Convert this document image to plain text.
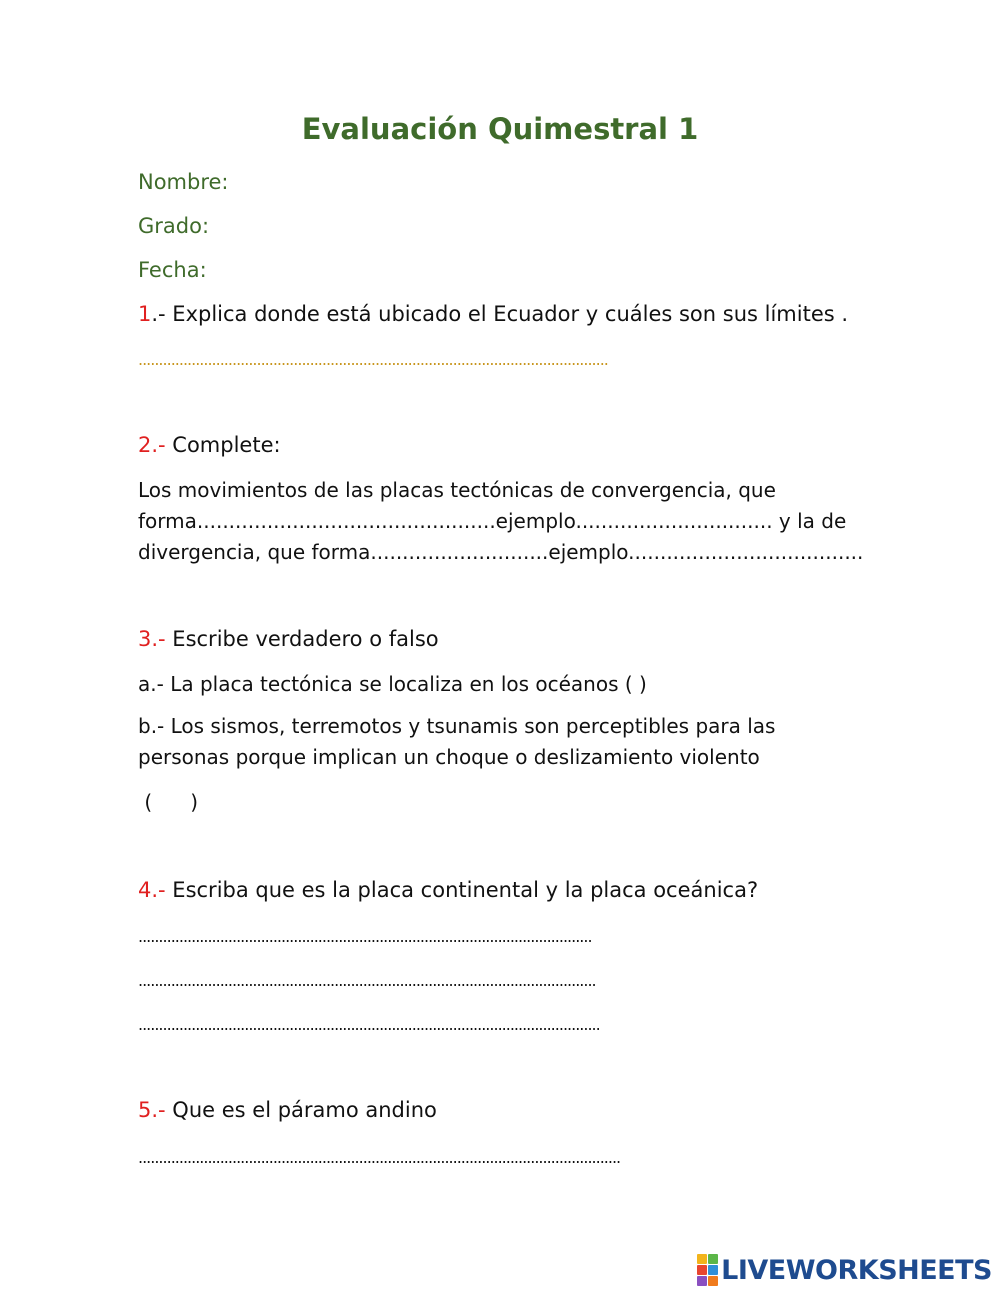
Evaluación Quimestral 1
Nombre:
Grado:
Fecha:
1.- Explica donde está ubicado el Ecuador y cuáles son sus límites .
...................................................................................................................
2.- Complete:
Los movimientos de las placas tectónicas de convergencia, que
forma...............................................ejemplo............................... y la de
divergencia, que forma............................ejemplo.....................................
3.- Escribe verdadero o falso
a.- La placa tectónica se localiza en los océanos ( )
b.- Los sismos, terremotos y tsunamis son perceptibles para las
personas porque implican un choque o deslizamiento violento
(      )
4.- Escriba que es la placa continental y la placa oceánica?
...............................................................................................................
................................................................................................................
.................................................................................................................
5.- Que es el páramo andino
......................................................................................................................
LIVEWORKSHEETS
